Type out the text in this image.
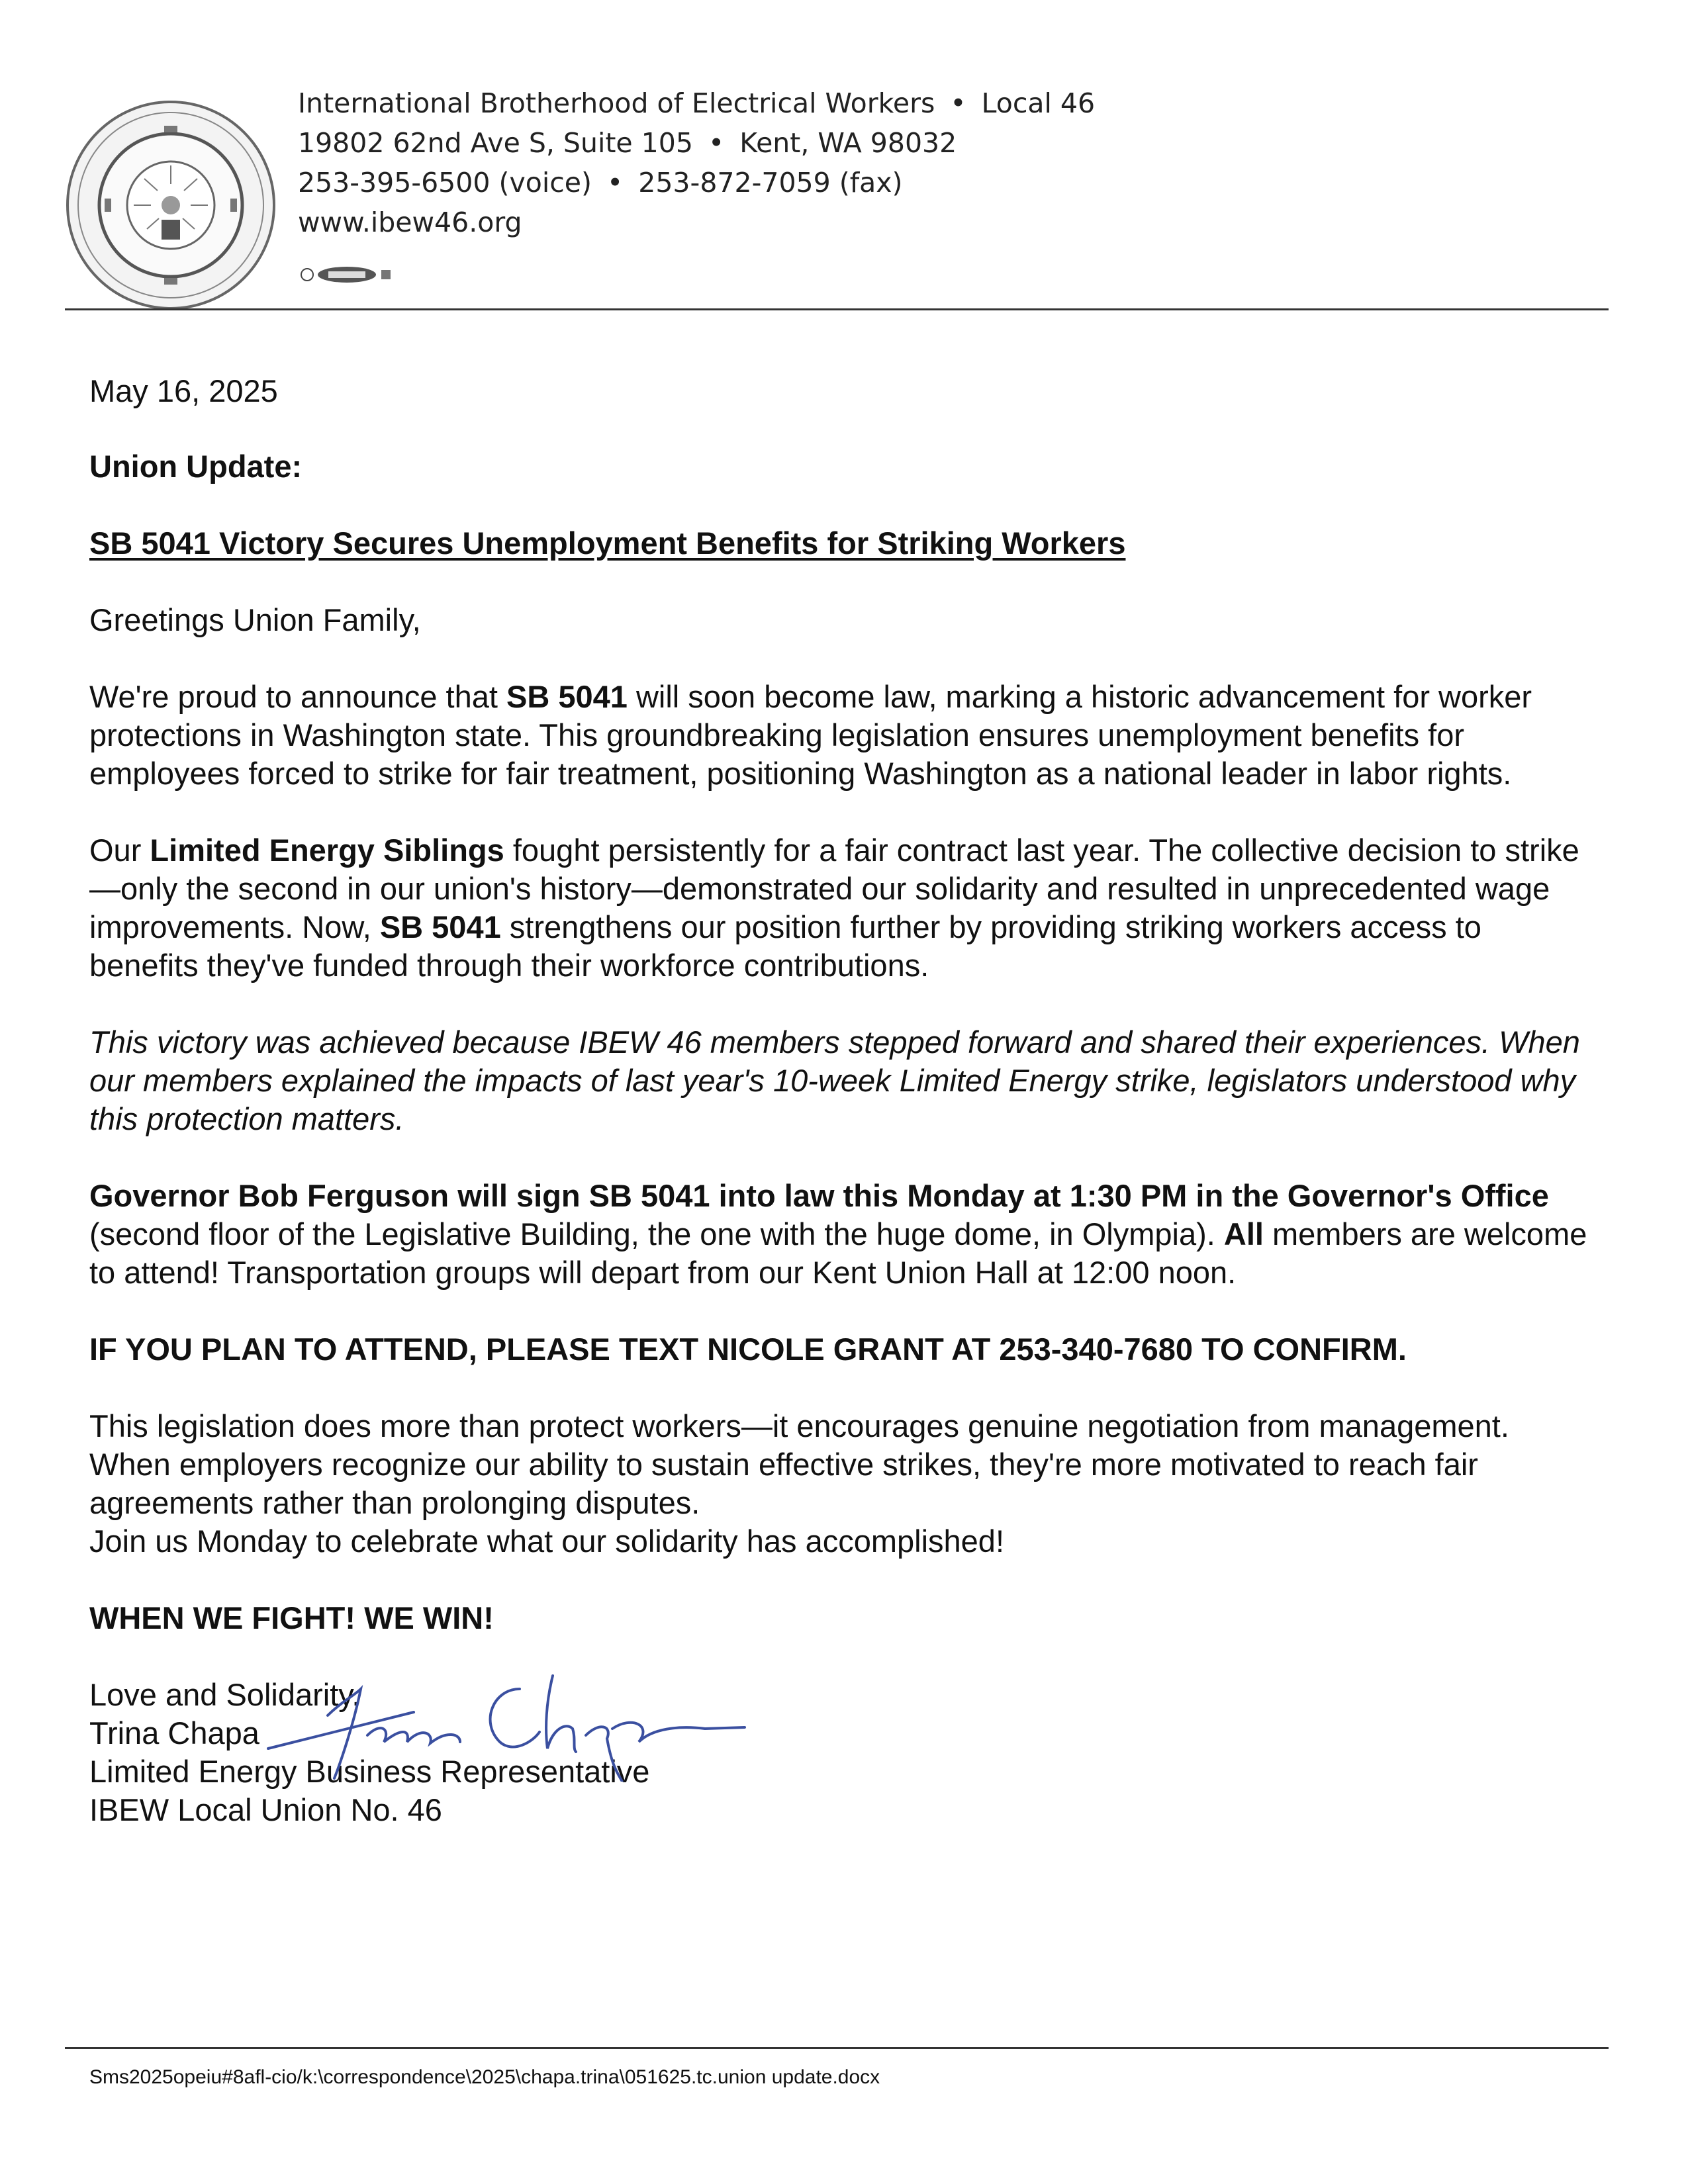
International Brotherhood of Electrical Workers • Local 46
19802 62nd Ave S, Suite 105 • Kent, WA 98032
253-395-6500 (voice) • 253-872-7059 (fax)
www.ibew46.org

May 16, 2025

Union Update:

SB 5041 Victory Secures Unemployment Benefits for Striking Workers

Greetings Union Family,

We're proud to announce that SB 5041 will soon become law, marking a historic advancement for worker protections in Washington state. This groundbreaking legislation ensures unemployment benefits for employees forced to strike for fair treatment, positioning Washington as a national leader in labor rights.

Our Limited Energy Siblings fought persistently for a fair contract last year. The collective decision to strike—only the second in our union's history—demonstrated our solidarity and resulted in unprecedented wage improvements. Now, SB 5041 strengthens our position further by providing striking workers access to benefits they've funded through their workforce contributions.

This victory was achieved because IBEW 46 members stepped forward and shared their experiences. When our members explained the impacts of last year's 10-week Limited Energy strike, legislators understood why this protection matters.

Governor Bob Ferguson will sign SB 5041 into law this Monday at 1:30 PM in the Governor's Office (second floor of the Legislative Building, the one with the huge dome, in Olympia). All members are welcome to attend! Transportation groups will depart from our Kent Union Hall at 12:00 noon.

IF YOU PLAN TO ATTEND, PLEASE TEXT NICOLE GRANT AT 253-340-7680 TO CONFIRM.

This legislation does more than protect workers—it encourages genuine negotiation from management. When employers recognize our ability to sustain effective strikes, they're more motivated to reach fair agreements rather than prolonging disputes.

Join us Monday to celebrate what our solidarity has accomplished!

WHEN WE FIGHT! WE WIN!

Love and Solidarity,

Trina Chapa

Limited Energy Business Representative

IBEW Local Union No. 46

Sms2025opeiu#8afl-cio/k:\correspondence\2025\chapa.trina\051625.tc.union update.docx
